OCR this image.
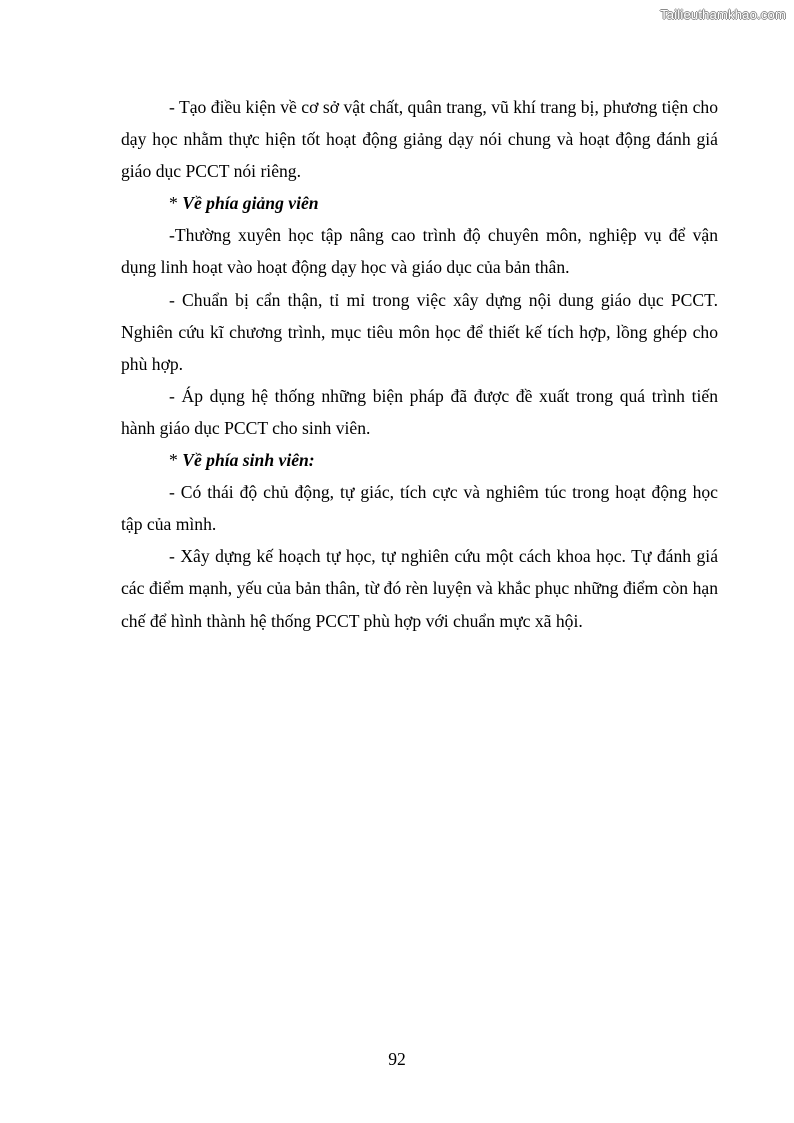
Tailieuthamkhao.com

- Tạo điều kiện về cơ sở vật chất, quân trang, vũ khí trang bị, phương tiện cho dạy học nhằm thực hiện tốt hoạt động giảng dạy nói chung và hoạt động đánh giá giáo dục PCCT nói riêng.

* Về phía giảng viên

-Thường xuyên học tập nâng cao trình độ chuyên môn, nghiệp vụ để vận dụng linh hoạt vào hoạt động dạy học và giáo dục của bản thân.

- Chuẩn bị cẩn thận, tỉ mỉ trong việc xây dựng nội dung giáo dục PCCT. Nghiên cứu kĩ chương trình, mục tiêu môn học để thiết kế tích hợp, lồng ghép cho phù hợp.

- Áp dụng hệ thống những biện pháp đã được đề xuất trong quá trình tiến hành giáo dục PCCT cho sinh viên.

* Về phía sinh viên:

- Có thái độ chủ động, tự giác, tích cực và nghiêm túc trong hoạt động học tập của mình.

- Xây dựng kế hoạch tự học, tự nghiên cứu một cách khoa học. Tự đánh giá các điểm mạnh, yếu của bản thân, từ đó rèn luyện và khắc phục những điểm còn hạn chế để hình thành hệ thống PCCT phù hợp với chuẩn mực xã hội.

92
